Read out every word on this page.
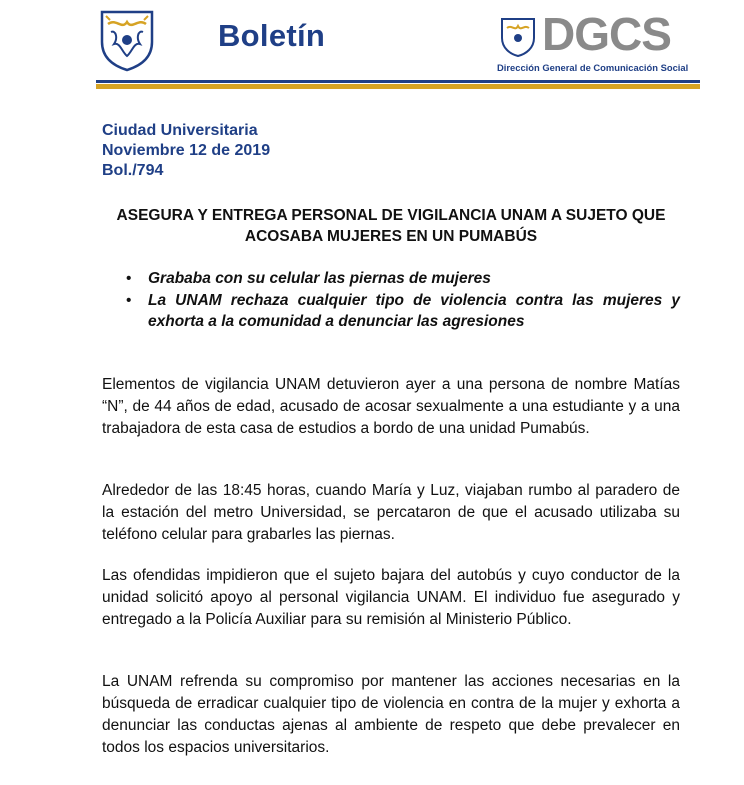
Boletín	DGCS
Dirección General de Comunicación Social
Ciudad Universitaria
Noviembre 12 de 2019
Bol./794
ASEGURA Y ENTREGA PERSONAL DE VIGILANCIA UNAM A SUJETO QUE ACOSABA MUJERES EN UN PUMABÚS
• Grababa con su celular las piernas de mujeres
• La UNAM rechaza cualquier tipo de violencia contra las mujeres y exhorta a la comunidad a denunciar las agresiones

Elementos de vigilancia UNAM detuvieron ayer a una persona de nombre Matías “N”, de 44 años de edad, acusado de acosar sexualmente a una estudiante y a una trabajadora de esta casa de estudios a bordo de una unidad Pumabús.

Alrededor de las 18:45 horas, cuando María y Luz, viajaban rumbo al paradero de la estación del metro Universidad, se percataron de que el acusado utilizaba su teléfono celular para grabarles las piernas.

Las ofendidas impidieron que el sujeto bajara del autobús y cuyo conductor de la unidad solicitó apoyo al personal vigilancia UNAM. El individuo fue asegurado y entregado a la Policía Auxiliar para su remisión al Ministerio Público.

La UNAM refrenda su compromiso por mantener las acciones necesarias en la búsqueda de erradicar cualquier tipo de violencia en contra de la mujer y exhorta a denunciar las conductas ajenas al ambiente de respeto que debe prevalecer en todos los espacios universitarios.
